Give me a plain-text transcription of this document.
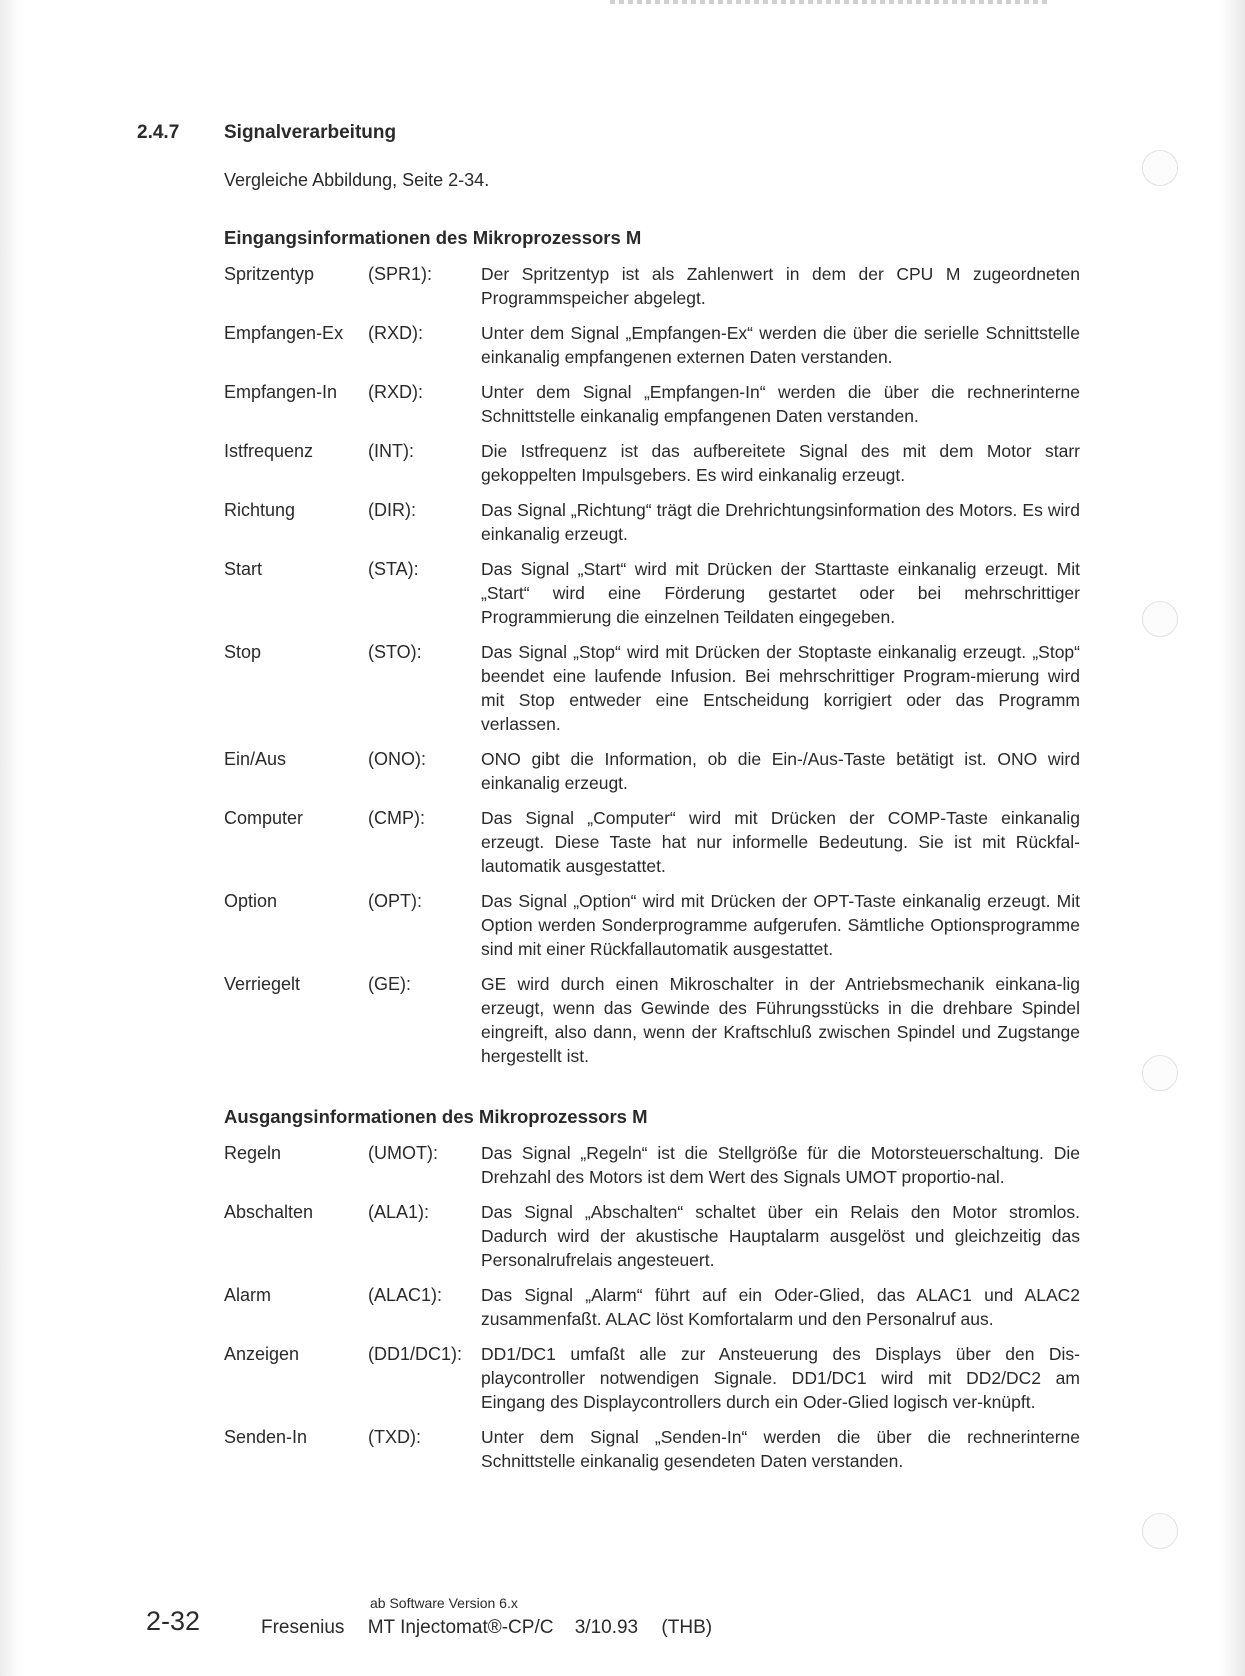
2.4.7 Signalverarbeitung
Vergleiche Abbildung, Seite 2-34.
Eingangsinformationen des Mikroprozessors M
Spritzentyp	(SPR1):	Der Spritzentyp ist als Zahlenwert in dem der CPU M zugeordneten Programmspeicher abgelegt.
Empfangen-Ex (RXD):	Unter dem Signal „Empfangen-Ex“ werden die über die serielle Schnittstelle einkanalig empfangenen externen Daten verstanden.
Empfangen-In (RXD):	Unter dem Signal „Empfangen-In“ werden die über die rechnerinterne Schnittstelle einkanalig empfangenen Daten verstanden.
Istfrequenz	(INT):	Die Istfrequenz ist das aufbereitete Signal des mit dem Motor starr gekoppelten Impulsgebers. Es wird einkanalig erzeugt.
Richtung	(DIR):	Das Signal „Richtung“ trägt die Drehrichtungsinformation des Motors. Es wird einkanalig erzeugt.
Start	(STA):	Das Signal „Start“ wird mit Drücken der Starttaste einkanalig erzeugt. Mit „Start“ wird eine Förderung gestartet oder bei mehrschrittiger Programmierung die einzelnen Teildaten eingegeben.
Stop	(STO):	Das Signal „Stop“ wird mit Drücken der Stoptaste einkanalig erzeugt. „Stop“ beendet eine laufende Infusion. Bei mehrschrittiger Program-mierung wird mit Stop entweder eine Entscheidung korrigiert oder das Programm verlassen.
Ein/Aus	(ONO):	ONO gibt die Information, ob die Ein-/Aus-Taste betätigt ist. ONO wird einkanalig erzeugt.
Computer	(CMP):	Das Signal „Computer“ wird mit Drücken der COMP-Taste einkanalig erzeugt. Diese Taste hat nur informelle Bedeutung. Sie ist mit Rückfal-lautomatik ausgestattet.
Option	(OPT):	Das Signal „Option“ wird mit Drücken der OPT-Taste einkanalig erzeugt. Mit Option werden Sonderprogramme aufgerufen. Sämtliche Optionsprogramme sind mit einer Rückfallautomatik ausgestattet.
Verriegelt	(GE):	GE wird durch einen Mikroschalter in der Antriebsmechanik einkana-lig erzeugt, wenn das Gewinde des Führungsstücks in die drehbare Spindel eingreift, also dann, wenn der Kraftschluß zwischen Spindel und Zugstange hergestellt ist.
Ausgangsinformationen des Mikroprozessors M
Regeln	(UMOT): Das Signal „Regeln“ ist die Stellgröße für die Motorsteuerschaltung. Die Drehzahl des Motors ist dem Wert des Signals UMOT proportio-nal.
Abschalten	(ALA1):	Das Signal „Abschalten“ schaltet über ein Relais den Motor stromlos. Dadurch wird der akustische Hauptalarm ausgelöst und gleichzeitig das Personalrufrelais angesteuert.
Alarm	(ALAC1): Das Signal „Alarm“ führt auf ein Oder-Glied, das ALAC1 und ALAC2 zusammenfaßt. ALAC löst Komfortalarm und den Personalruf aus.
Anzeigen	(DD1/DC1): DD1/DC1 umfaßt alle zur Ansteuerung des Displays über den Dis-playcontroller notwendigen Signale. DD1/DC1 wird mit DD2/DC2 am Eingang des Displaycontrollers durch ein Oder-Glied logisch ver-knüpft.
Senden-In	(TXD):	Unter dem Signal „Senden-In“ werden die über die rechnerinterne Schnittstelle einkanalig gesendeten Daten verstanden.
ab Software Version 6.x
2-32	Fresenius MT Injectomat®-CP/C 3/10.93 (THB)
